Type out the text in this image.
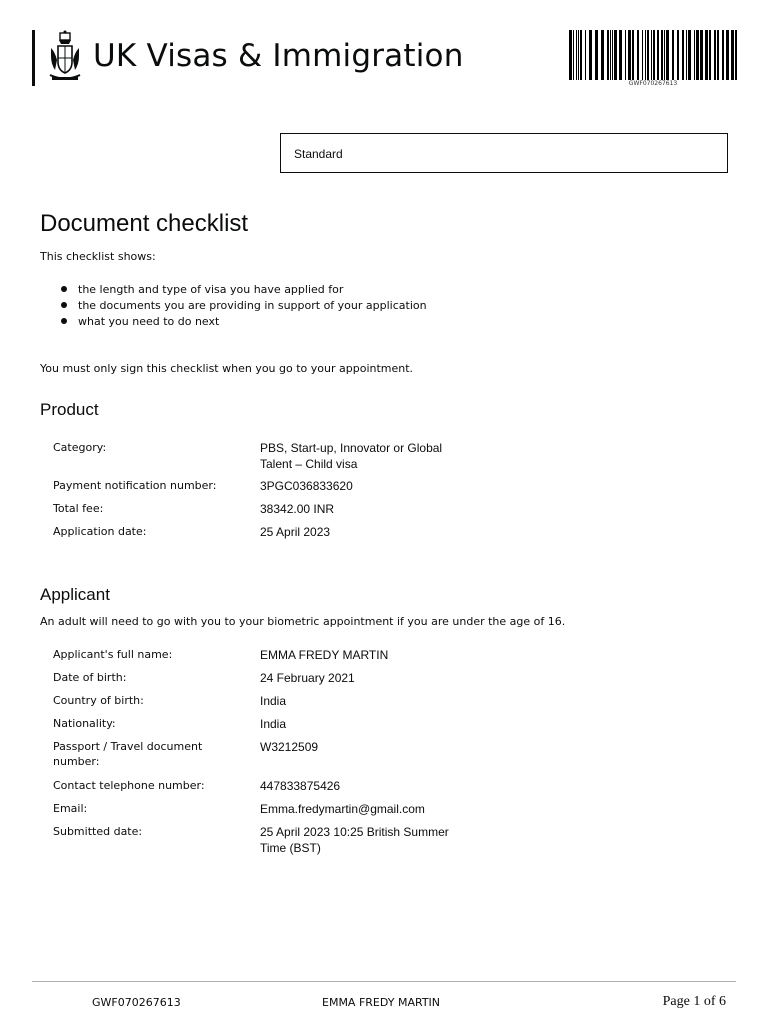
UK Visas & Immigration
GWF070267613
Standard
Document checklist

This checklist shows:

the length and type of visa you have applied for
the documents you are providing in support of your application
what you need to do next

You must only sign this checklist when you go to your appointment.

Product
Category:	PBS, Start-up, Innovator or Global Talent – Child visa
Payment notification number:	3PGC036833620
Total fee:	38342.00 INR
Application date:	25 April 2023
Applicant

An adult will need to go with you to your biometric appointment if you are under the age of 16.

Applicant's full name:	EMMA FREDY MARTIN
Date of birth:	24 February 2021
Country of birth:	India
Nationality:	India
Passport / Travel document number:
W3212509
Contact telephone number:	447833875426
Email:	Emma.fredymartin@gmail.com
Submitted date:	25 April 2023 10:25 British Summer Time (BST)
GWF070267613	EMMA FREDY MARTIN	Page 1 of 6
